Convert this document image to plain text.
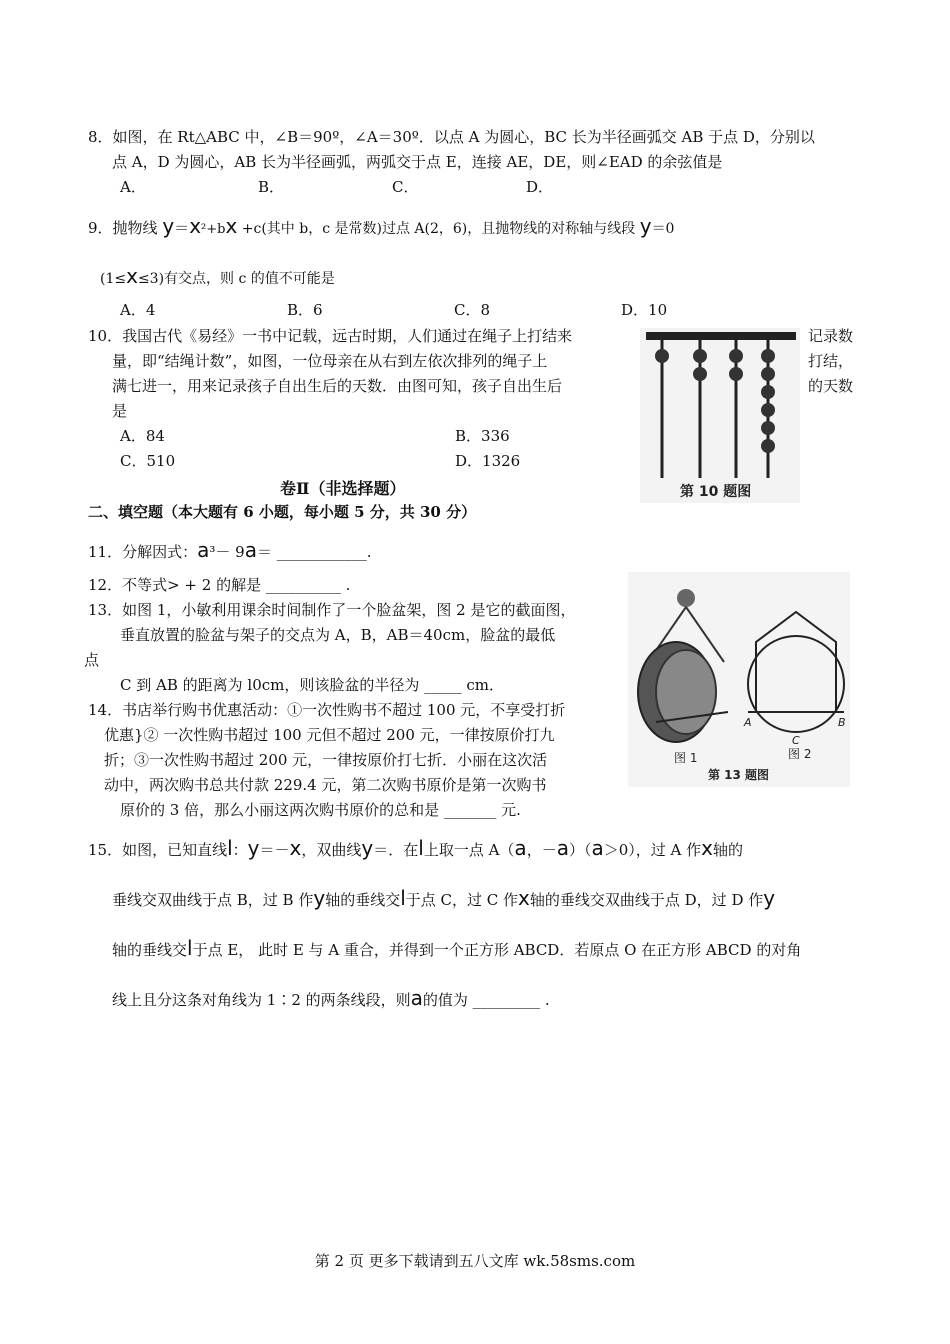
8．如图，在 Rt△ABC 中，∠B＝90º，∠A＝30º．以点 A 为圆心，BC 长为半径画弧交 AB 于点 D，分别以
点 A，D 为圆心，AB 长为半径画弧，两弧交于点 E，连接 AE，DE，则∠EAD 的余弦值是
A．	B．	C．	D．
9．抛物线 y＝x²+bx +c(其中 b，c 是常数)过点 A(2，6)，且抛物线的对称轴与线段 y＝0
(1≤x≤3)有交点，则 c 的值不可能是
A．4	B．6	C．8	D．10
10．我国古代《易经》一书中记载，远古时期，人们通过在绳子上打结来
量，即“结绳计数”，如图，一位母亲在从右到左依次排列的绳子上
满七进一，用来记录孩子自出生后的天数．由图可知，孩子自出生后
是
A．84	B．336
C．510	D．1326
记录数
打结，
的天数
第 10 题图
卷Ⅱ（非选择题）
二、填空题（本大题有 6 小题，每小题 5 分，共 30 分）
11．分解因式：a³－ 9a＝ ____________.
12．不等式> + 2 的解是 __________ .
13．如图 1，小敏利用课余时间制作了一个脸盆架，图 2 是它的截面图，
垂直放置的脸盆与架子的交点为 A，B，AB＝40cm，脸盆的最低
点
C 到 AB 的距离为 l0cm，则该脸盆的半径为 _____ cm．
图 1
A	B
C
图 2
第 13 题图
14．书店举行购书优惠活动：①一次性购书不超过 100 元，不享受打折
优惠}② 一次性购书超过 100 元但不超过 200 元，一律按原价打九
折；③一次性购书超过 200 元，一律按原价打七折．小丽在这次活
动中，两次购书总共付款 229.4 元，第二次购书原价是第一次购书
原价的 3 倍，那么小丽这两次购书原价的总和是 _______ 元.
15．如图，已知直线l：y＝－x，双曲线y＝．在l上取一点 A（a，－a）（a＞0），过 A 作x轴的
垂线交双曲线于点 B，过 B 作y轴的垂线交l于点 C，过 C 作x轴的垂线交双曲线于点 D，过 D 作y
轴的垂线交l于点 E， 此时 E 与 A 重合，并得到一个正方形 ABCD．若原点 O 在正方形 ABCD 的对角
线上且分这条对角线为 1∶2 的两条线段，则a的值为 _________ .
第 2 页 更多下载请到五八文库 wk.58sms.com
